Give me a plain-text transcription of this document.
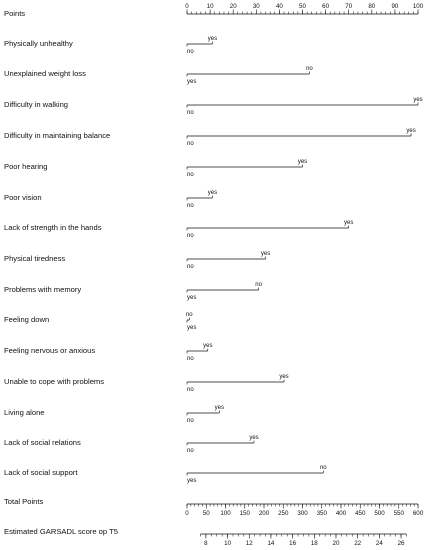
Points
0	10	20	30	40	50	60	70	80	90 100
Physically unhealthy
no
yes
Unexplained weight loss
yes
no
Difficulty in walking
no
yes
Difficulty in maintaining balance
no
yes
Poor hearing
no
yes
Poor vision
no
yes
Lack of strength in the hands
no
yes
Physical tiredness
no
yes
Problems with memory
yes
no
Feeling down
yes
no
Feeling nervous or anxious
no
yes
Unable to cope with problems
no
yes
Living alone
no
yes
Lack of social relations
no
yes
Lack of social support
yes
no
Total Points
0 50 100 150 200 250 300 350 400 450 500 550 600
Estimated GARSADL score op T5
8	10 12 14 16 18 20 22 24 26
